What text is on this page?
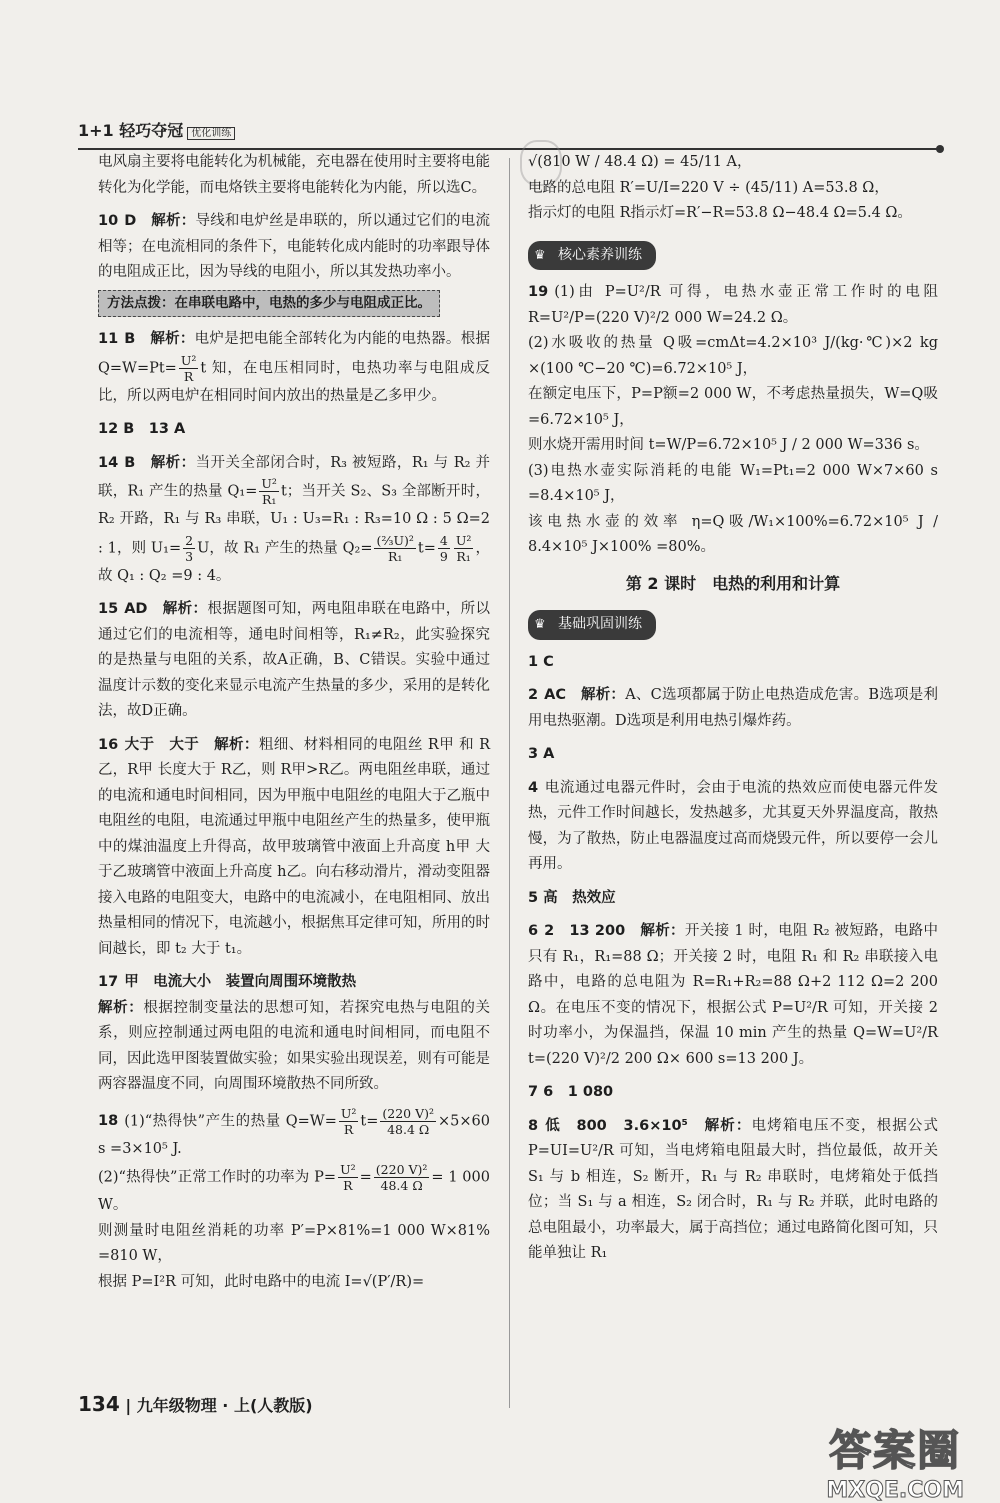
1+1 轻巧夺冠 优化训练

电风扇主要将电能转化为机械能，充电器在使用时主要将电能转化为化学能，而电烙铁主要将电能转化为内能，所以选C。

10 D　 解析：导线和电炉丝是串联的，所以通过它们的电流相等；在电流相同的条件下，电能转化成内能时的功率跟导体的电阻成正比，因为导线的电阻小，所以其发热功率小。

方法点拨：在串联电路中，电热的多少与电阻成正比。

11 B　 解析：电炉是把电能全部转化为内能的电热器。根据 $Q=W=Pt= \frac{\text{U²}}{R}$ t 知，在电压相同时，电热功率与电阻成反比，所以两电炉在相同时间内放出的热量是乙多甲少。

12 B　13 A

14 B　 解析：当开关全部闭合时，R₃ 被短路，R₁ 与 R₂ 并联，R₁ 产生的热量 $Q_1= \frac{\text{U²}}{\text{R₁}}$ t；当开关 S₂、S₃ 全部断开时，R₂ 开路，R₁ 与 R₃ 串联，U₁ : U₃=R₁ : R₃=10 Ω : 5 Ω=2 : 1，则 $U_1= \frac{2}{3}$ U，故 R₁ 产生的热量 $Q_2= \frac{\text{(⅔U)²}}{\text{R₁}} t= \frac{4}{9} \frac{\text{U²}}{\text{R₁}}$ ，故 Q₁ : Q₂ =9 : 4。

15 AD　 解析：根据题图可知，两电阻串联在电路中，所以通过它们的电流相等，通电时间相等，R₁≠R₂，此实验探究的是热量与电阻的关系，故A正确，B、C错误。实验中通过温度计示数的变化来显示电流产生热量的多少，采用的是转化法，故D正确。

16 大于　大于　 解析：粗细、材料相同的电阻丝 R甲 和 R乙，R甲 长度大于 R乙，则 R甲>R乙。两电阻丝串联，通过的电流和通电时间相同，因为甲瓶中电阻丝的电阻大于乙瓶中电阻丝的电阻，电流通过甲瓶中电阻丝产生的热量多，使甲瓶中的煤油温度上升得高，故甲玻璃管中液面上升高度 h甲 大于乙玻璃管中液面上升高度 h乙。向右移动滑片，滑动变阻器接入电路的电阻变大，电路中的电流减小，在电阻相同、放出热量相同的情况下，电流越小，根据焦耳定律可知，所用的时间越长，即 t₂ 大于 t₁。

17 甲　电流大小　装置向周围环境散热
解析：根据控制变量法的思想可知，若探究电热与电阻的关系，则应控制通过两电阻的电流和通电时间相同，而电阻不同，因此选甲图装置做实验；如果实验出现误差，则有可能是两容器温度不同，向周围环境散热不同所致。

18 (1)“热得快”产生的热量 $Q=W= \frac{\text{U²}}{R} t= \frac{\text{(220 V)²}}{48.4 \Omega} \times 5\times 60$ s =3×10⁵ J.

(2)“热得快”正常工作时的功率为 $P= \frac{\text{U²}}{R} = \frac{\text{(220 V)²}}{48.4 \Omega} = 1$ 000 W。

则测量时电阻丝消耗的功率 P′=P×81%=1 000 W×81% =810 W，

根据 P=I²R 可知，此时电路中的电流 I=√(P′/R)=

√(810 W / 48.4 Ω) = 45/11 A，

电路的总电阻 R′=U/I=220 V ÷ (45/11) A=53.8 Ω，

指示灯的电阻 R指示灯=R′−R=53.8 Ω−48.4 Ω=5.4 Ω。

♛ 核心素养训练

19 (1)由 P=U²/R 可得，电热水壶正常工作时的电阻 R=U²/P=(220 V)²/2 000 W=24.2 Ω。

(2)水吸收的热量 Q吸=cmΔt=4.2×10³ J/(kg·℃)×2 kg ×(100 ℃−20 ℃)=6.72×10⁵ J，

在额定电压下，P=P额=2 000 W，不考虑热量损失，W=Q吸 =6.72×10⁵ J，

则水烧开需用时间 t=W/P=6.72×10⁵ J / 2 000 W=336 s。

(3)电热水壶实际消耗的电能 W₁=Pt₁=2 000 W×7×60 s =8.4×10⁵ J，

该电热水壶的效率 η=Q吸/W₁×100%=6.72×10⁵ J / 8.4×10⁵ J×100% =80%。

第 2 课时　电热的利用和计算
♛ 基础巩固训练

1 C

2 AC　 解析：A、C选项都属于防止电热造成危害。B选项是利用电热驱潮。D选项是利用电热引爆炸药。

3 A

4 电流通过电器元件时，会由于电流的热效应而使电器元件发热，元件工作时间越长，发热越多，尤其夏天外界温度高，散热慢，为了散热，防止电器温度过高而烧毁元件，所以要停一会儿再用。

5 高　热效应

6 2　13 200　 解析：开关接 1 时，电阻 R₂ 被短路，电路中只有 R₁，R₁=88 Ω；开关接 2 时，电阻 R₁ 和 R₂ 串联接入电路中，电路的总电阻为 R=R₁+R₂=88 Ω+2 112 Ω=2 200 Ω。在电压不变的情况下，根据公式 P=U²/R 可知，开关接 2 时功率小，为保温挡，保温 10 min 产生的热量 Q=W=U²/R t=(220 V)²/2 200 Ω× 600 s=13 200 J。

7 6　1 080

8 低　800　3.6×10⁵　 解析：电烤箱电压不变，根据公式 P=UI=U²/R 可知，当电烤箱电阻最大时，挡位最低，故开关 S₁ 与 b 相连，S₂ 断开，R₁ 与 R₂ 串联时，电烤箱处于低挡位；当 S₁ 与 a 相连，S₂ 闭合时，R₁ 与 R₂ 并联，此时电路的总电阻最小，功率最大，属于高挡位；通过电路简化图可知，只能单独让 R₁

134 | 九年级物理 · 上(人教版)
答案圈
MXQE.COM
